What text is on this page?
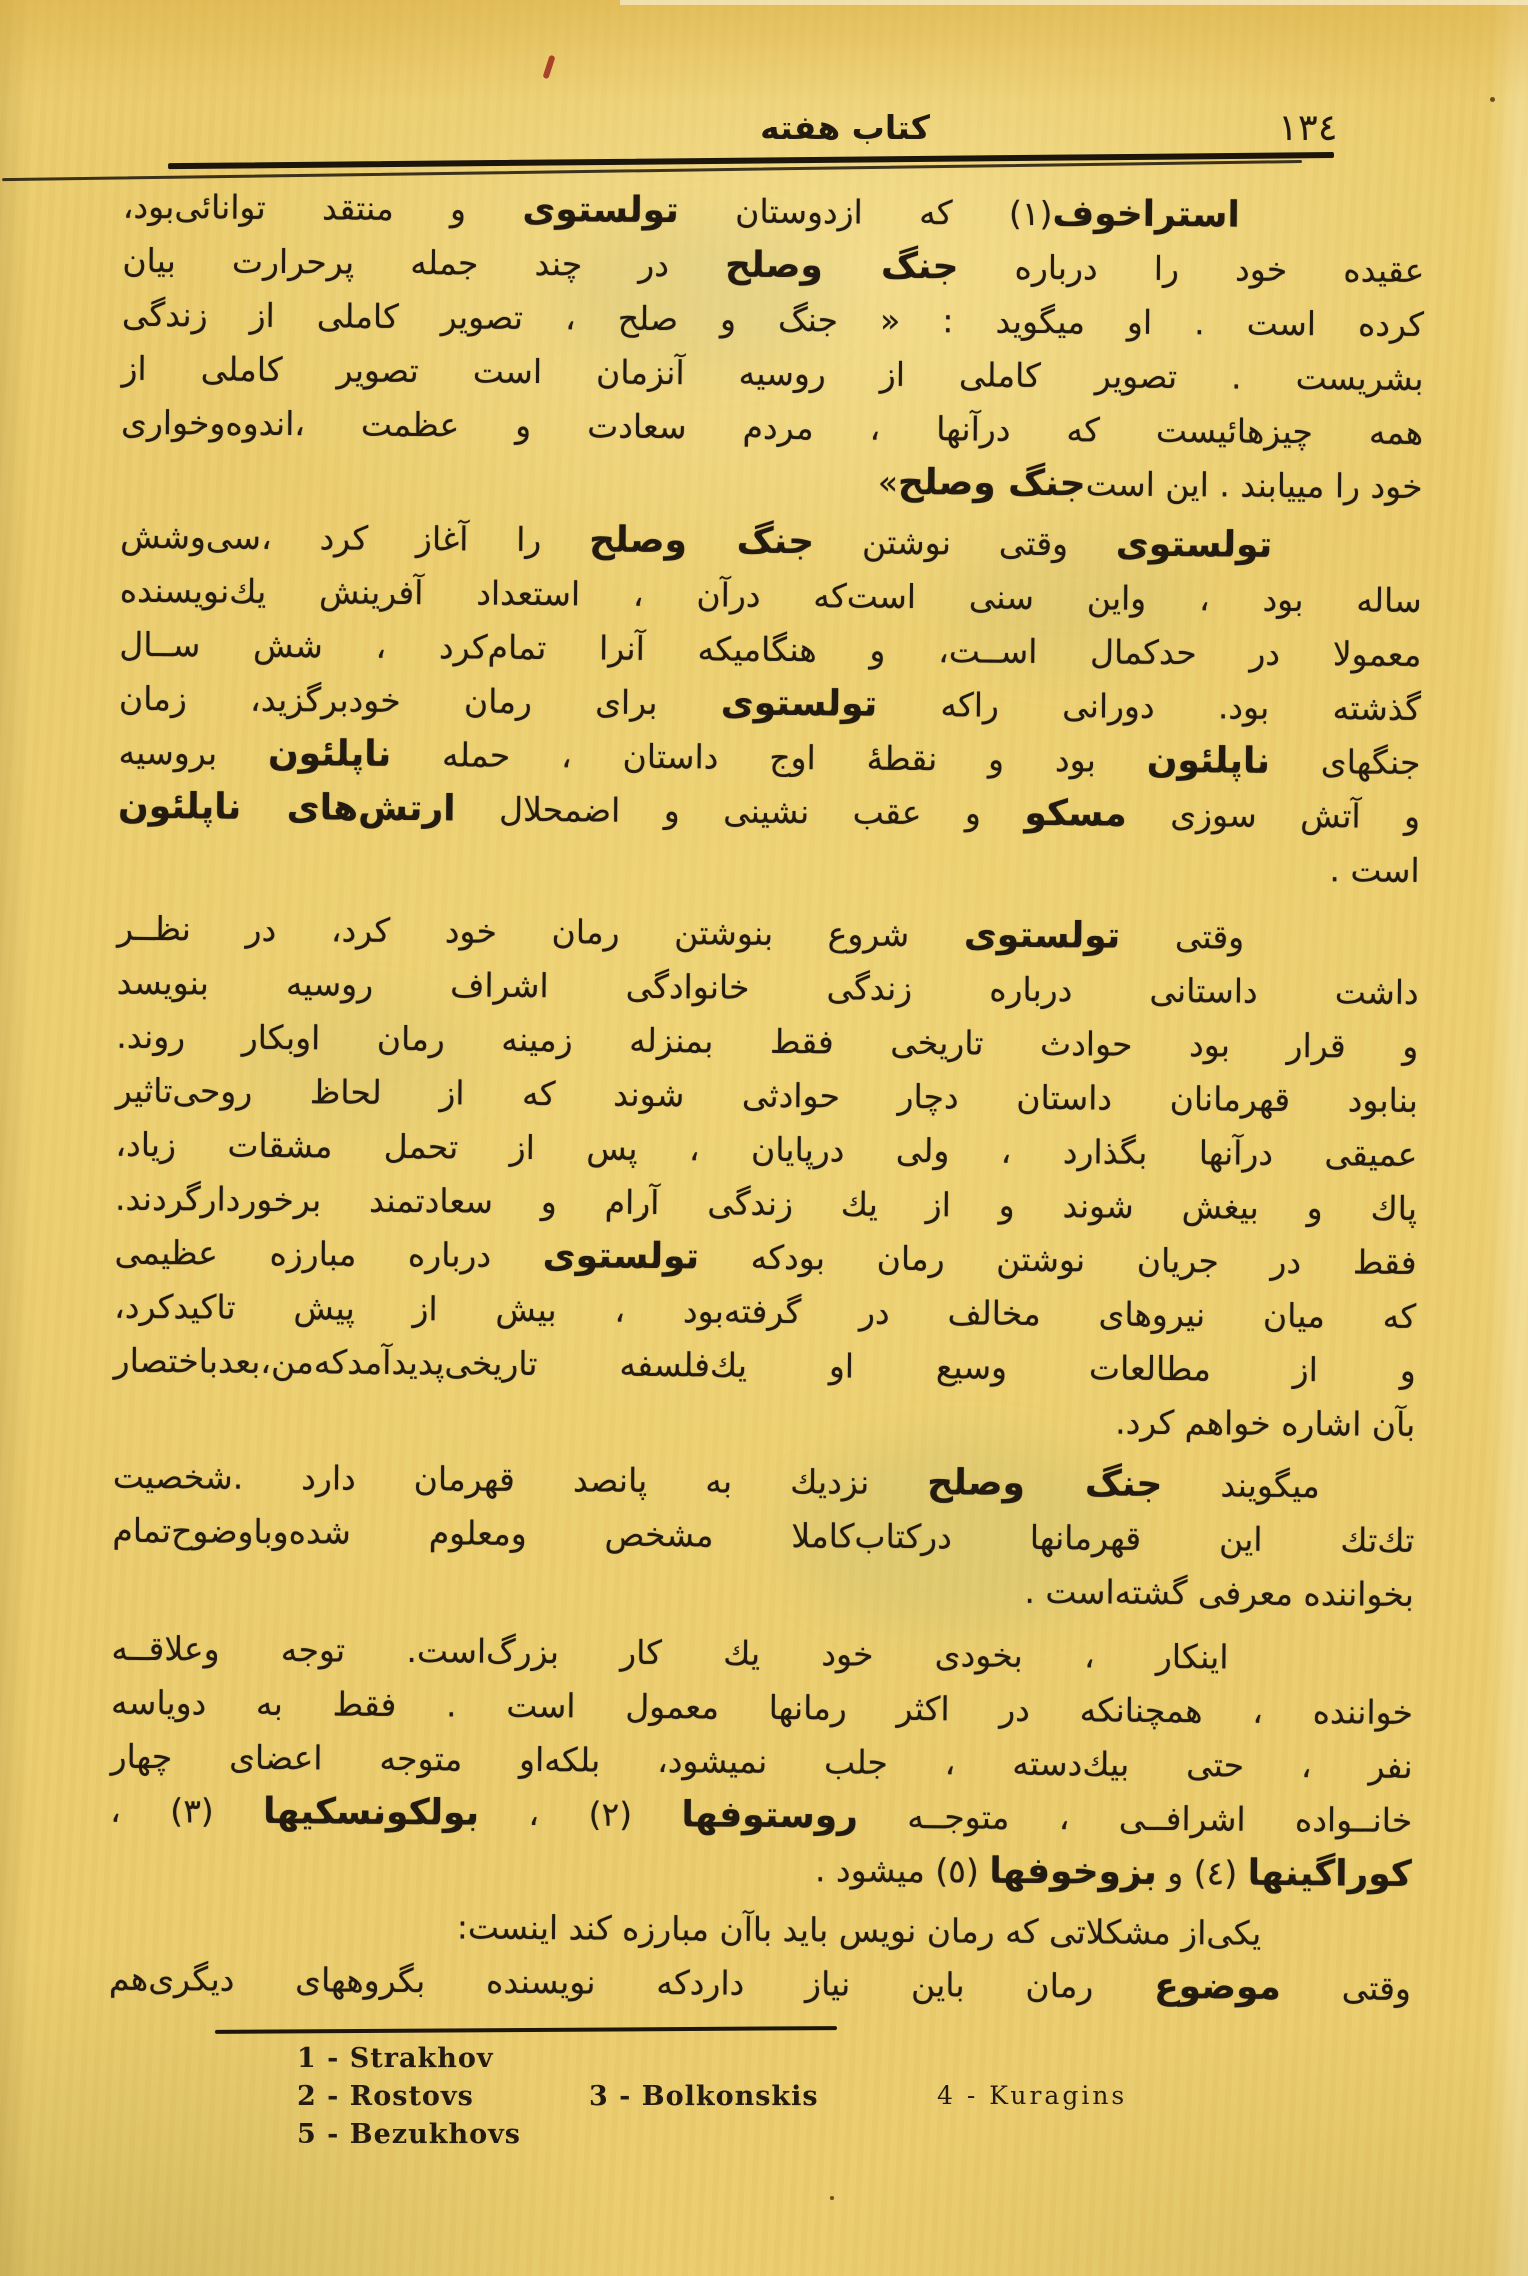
١٣٤
كتاب هفته
استراخوف(١) که ازدوستان تولستوی و منتقد توانائی‌بود،
عقیده خود را درباره جنگ وصلح در چند جمله پرحرارت بیان
کرده است . او میگوید : « جنگ و صلح ، تصویر کاملی از زندگی
بشریست . تصویر کاملی از روسیه آنزمان است تصویر کاملی از
همه چیزهائیست که درآنها ، مردم سعادت و عظمت ،اندوه‌وخواری
خود را مییابند . این است‌جنگ وصلح»
تولستوی وقتی نوشتن جنگ وصلح را آغاز کرد ،سی‌وشش
ساله بود ، واین سنی است‌که درآن ، استعداد آفرینش یك‌نویسنده
معمولا در حدکمال اســت، و هنگامیکه آنرا تمام‌کرد ، شش ســال
گذشته بود. دورانی راکه تولستوی برای رمان خودبرگزید، زمان
جنگهای ناپلئون بود و نقطهٔ اوج داستان ، حمله ناپلئون بروسیه
و آتش سوزی مسکو و عقب نشینی و اضمحلال ارتش‌های ناپلئون
است .
وقتی تولستوی شروع بنوشتن رمان خود کرد، در نظــر
داشت داستانی درباره زندگی خانوادگی اشراف روسیه بنویسد
و قرار بود حوادث تاریخی فقط بمنزله زمینه رمان اوبکار روند.
بنابود قهرمانان داستان دچار حوادثی شوند که از لحاظ روحی‌تاثیر
عمیقی درآنها بگذارد ، ولی درپایان ، پس از تحمل مشقات زیاد،
پاك و بیغش شوند و از یك زندگی آرام و سعادتمند برخوردارگردند.
فقط در جریان نوشتن رمان بودکه تولستوی درباره مبارزه عظیمی
که میان نیروهای مخالف در گرفته‌بود ، بیش از پیش تاکیدکرد،
و از مطالعات وسیع او یك‌فلسفه تاریخی‌پدیدآمدکه‌من،بعدباختصار
بآن اشاره خواهم کرد.
میگویند جنگ وصلح نزدیك به پانصد قهرمان دارد .شخصیت
تك‌تك این قهرمانها درکتاب‌کاملا مشخص ومعلوم شده‌وباوضوح‌تمام
بخواننده معرفی گشته‌است .
اینکار ، بخودی خود یك کار بزرگ‌است. توجه وعلاقــه
خواننده ، همچنانکه در اکثر رمانها معمول است . فقط به دویاسه
نفر ، حتی بیك‌دسته ، جلب نمیشود، بلکه‌او متوجه اعضای چهار
خانــواده اشرافــی ، متوجــه روستوفها (٢) ، بولکونسکیها (٣) ،
کوراگینها (٤) و بزوخوفها (٥) میشود .
یکی‌از مشکلاتی که رمان نویس باید باآن مبارزه کند اینست:
وقتی موضوع رمان باین نیاز داردکه نویسنده بگروههای دیگری‌هم
1 - Strakhov
2 - Rostovs	3 - Bolkonskis	4 - Kuragins
5 - Bezukhovs
